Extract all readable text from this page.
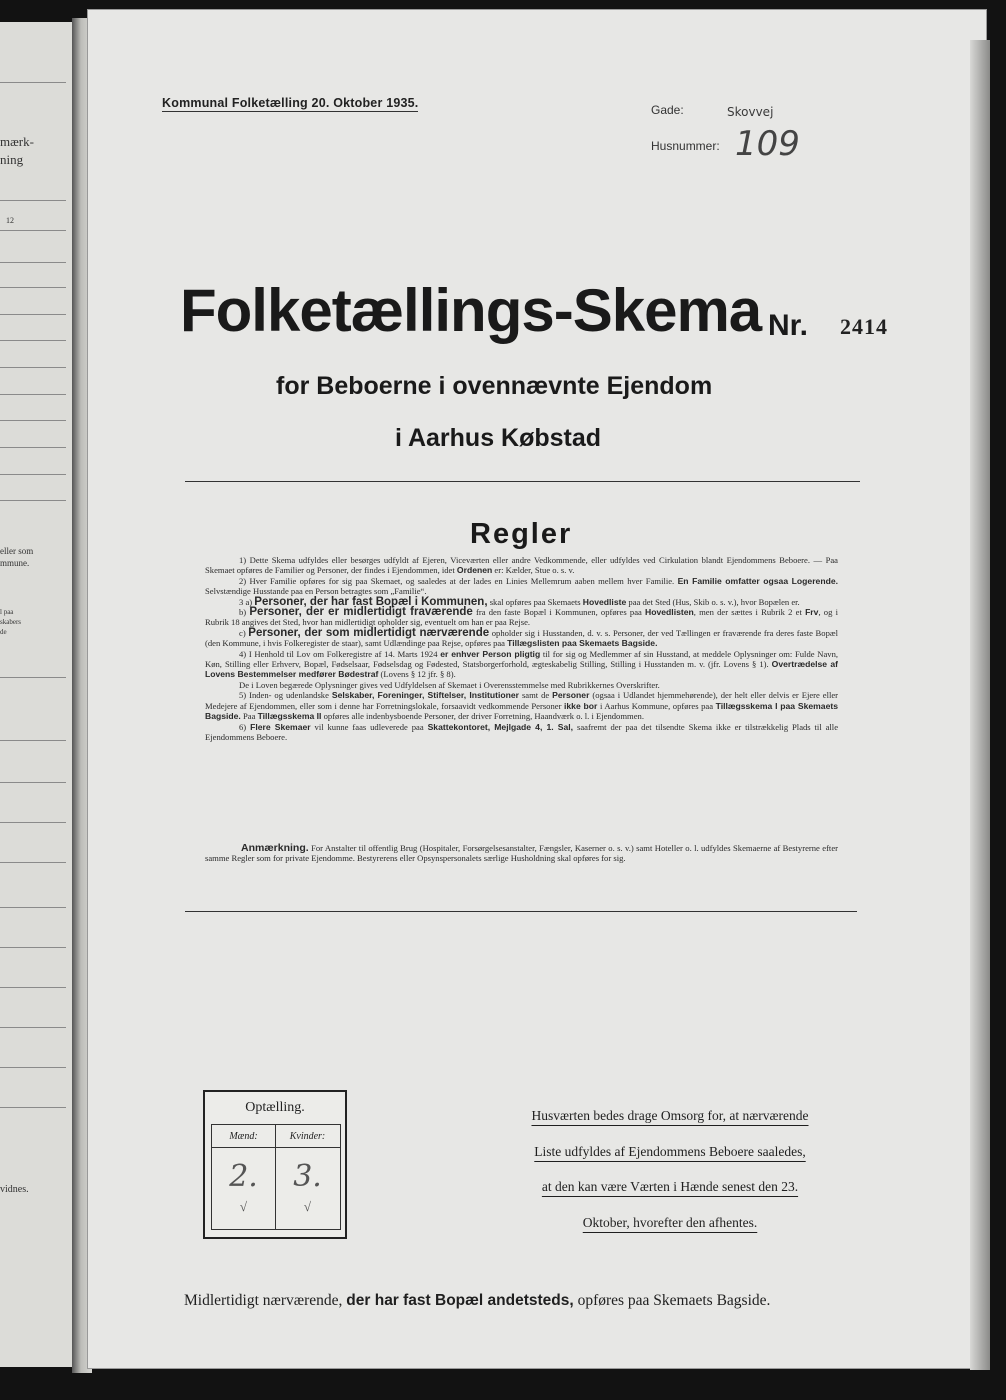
mærk-
ning
12
eller som
mmune.
l paa
skabers
de
vidnes.
Kommunal Folketælling 20. Oktober 1935.	Gade:	Skovvej
Husnummer: 109
Folketællings-Skema Nr. 2414
for Beboerne i ovennævnte Ejendom
i Aarhus Købstad
Regler

1) Dette Skema udfyldes eller besørges udfyldt af Ejeren, Viceværten eller andre Vedkommende, eller udfyldes ved Cirkulation blandt Ejendommens Beboere. — Paa Skemaet opføres de Familier og Personer, der findes i Ejendommen, idet Ordenen er: Kælder, Stue o. s. v.

2) Hver Familie opføres for sig paa Skemaet, og saaledes at der lades en Linies Mellemrum aaben mellem hver Familie. En Familie omfatter ogsaa Logerende. Selvstændige Husstande paa en Person betragtes som „Familie“.

3 a) Personer, der har fast Bopæl i Kommunen, skal opføres paa Skemaets Hovedliste paa det Sted (Hus, Skib o. s. v.), hvor Bopælen er.

b) Personer, der er midlertidigt fraværende fra den faste Bopæl i Kommunen, opføres paa Hovedlisten, men der sættes i Rubrik 2 et Frv, og i Rubrik 18 angives det Sted, hvor han midlertidigt opholder sig, eventuelt om han er paa Rejse.

c) Personer, der som midlertidigt nærværende opholder sig i Husstanden, d. v. s. Personer, der ved Tællingen er fraværende fra deres faste Bopæl (den Kommune, i hvis Folkeregister de staar), samt Udlændinge paa Rejse, opføres paa Tillægslisten paa Skemaets Bagside.

4) I Henhold til Lov om Folkeregistre af 14. Marts 1924 er enhver Person pligtig til for sig og Medlemmer af sin Husstand, at meddele Oplysninger om: Fulde Navn, Køn, Stilling eller Erhverv, Bopæl, Fødselsaar, Fødselsdag og Fødested, Statsborgerforhold, ægteskabelig Stilling, Stilling i Husstanden m. v. (jfr. Lovens § 1). Overtrædelse af Lovens Bestemmelser medfører Bødestraf (Lovens § 12 jfr. § 8).

De i Loven begærede Oplysninger gives ved Udfyldelsen af Skemaet i Overensstemmelse med Rubrikkernes Overskrifter.

5) Inden- og udenlandske Selskaber, Foreninger, Stiftelser, Institutioner samt de Personer (ogsaa i Udlandet hjemmehørende), der helt eller delvis er Ejere eller Medejere af Ejendommen, eller som i denne har Forretningslokale, forsaavidt vedkommende Personer ikke bor i Aarhus Kommune, opføres paa Tillægsskema I paa Skemaets Bagside. Paa Tillægsskema II opføres alle indenbysboende Personer, der driver Forretning, Haandværk o. l. i Ejendommen.

6) Flere Skemaer vil kunne faas udleverede paa Skattekontoret, Mejlgade 4, 1. Sal, saafremt der paa det tilsendte Skema ikke er tilstrækkelig Plads til alle Ejendommens Beboere.

Anmærkning. For Anstalter til offentlig Brug (Hospitaler, Forsørgelsesanstalter, Fængsler, Kaserner o. s. v.) samt Hoteller o. l. udfyldes Skemaerne af Bestyrerne efter samme Regler som for private Ejendomme. Bestyrerens eller Opsynspersonalets særlige Husholdning skal opføres for sig.

Optælling.
Mænd:
2.
√
Kvinder:
3.
√
Husværten bedes drage Omsorg for, at nærværende
Liste udfyldes af Ejendommens Beboere saaledes,
at den kan være Værten i Hænde senest den 23.
Oktober, hvorefter den afhentes.
Midlertidigt nærværende, der har fast Bopæl andetsteds, opføres paa Skemaets Bagside.
